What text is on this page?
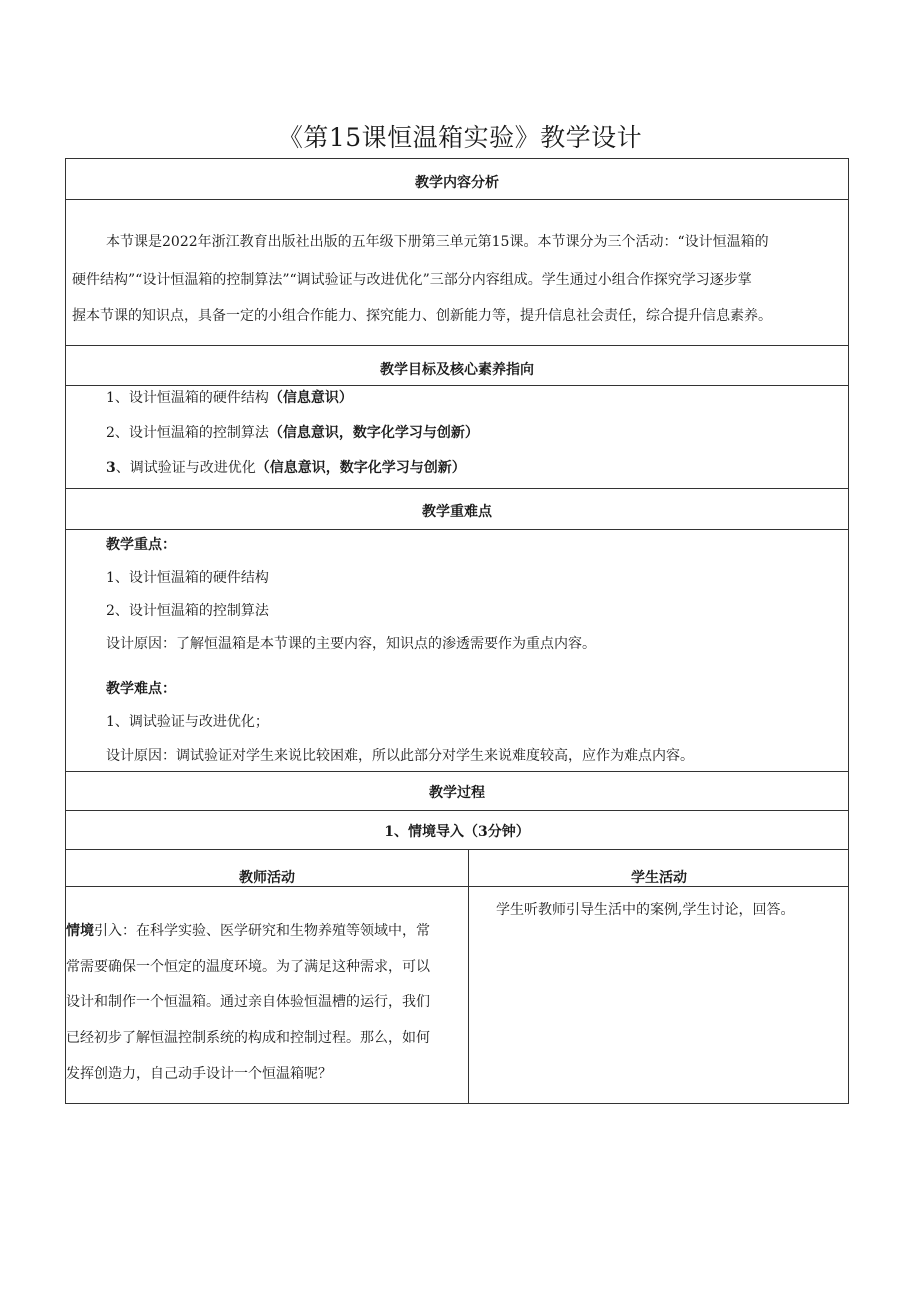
《第15课恒温箱实验》教学设计
教学内容分析
本节课是2022年浙江教育出版社出版的五年级下册第三单元第15课。本节课分为三个活动：“设计恒温箱的
硬件结构”“设计恒温箱的控制算法”“调试验证与改进优化”三部分内容组成。学生通过小组合作探究学习逐步掌
握本节课的知识点，具备一定的小组合作能力、探究能力、创新能力等，提升信息社会责任，综合提升信息素养。
教学目标及核心素养指向
1、设计恒温箱的硬件结构（信息意识）
2、设计恒温箱的控制算法（信息意识，数字化学习与创新）
3、调试验证与改进优化（信息意识，数字化学习与创新）
教学重难点
教学重点：
1、设计恒温箱的硬件结构
2、设计恒温箱的控制算法
设计原因：了解恒温箱是本节课的主要内容，知识点的渗透需要作为重点内容。
教学难点：
1、调试验证与改进优化；
设计原因：调试验证对学生来说比较困难，所以此部分对学生来说难度较高，应作为难点内容。
教学过程
1、情境导入（3分钟）
教师活动	学生活动
情境引入：在科学实验、医学研究和生物养殖等领域中，常
常需要确保一个恒定的温度环境。为了满足这种需求，可以
设计和制作一个恒温箱。通过亲自体验恒温槽的运行，我们
已经初步了解恒温控制系统的构成和控制过程。那么，如何
发挥创造力，自己动手设计一个恒温箱呢？
学生听教师引导生活中的案例,学生讨论，回答。
